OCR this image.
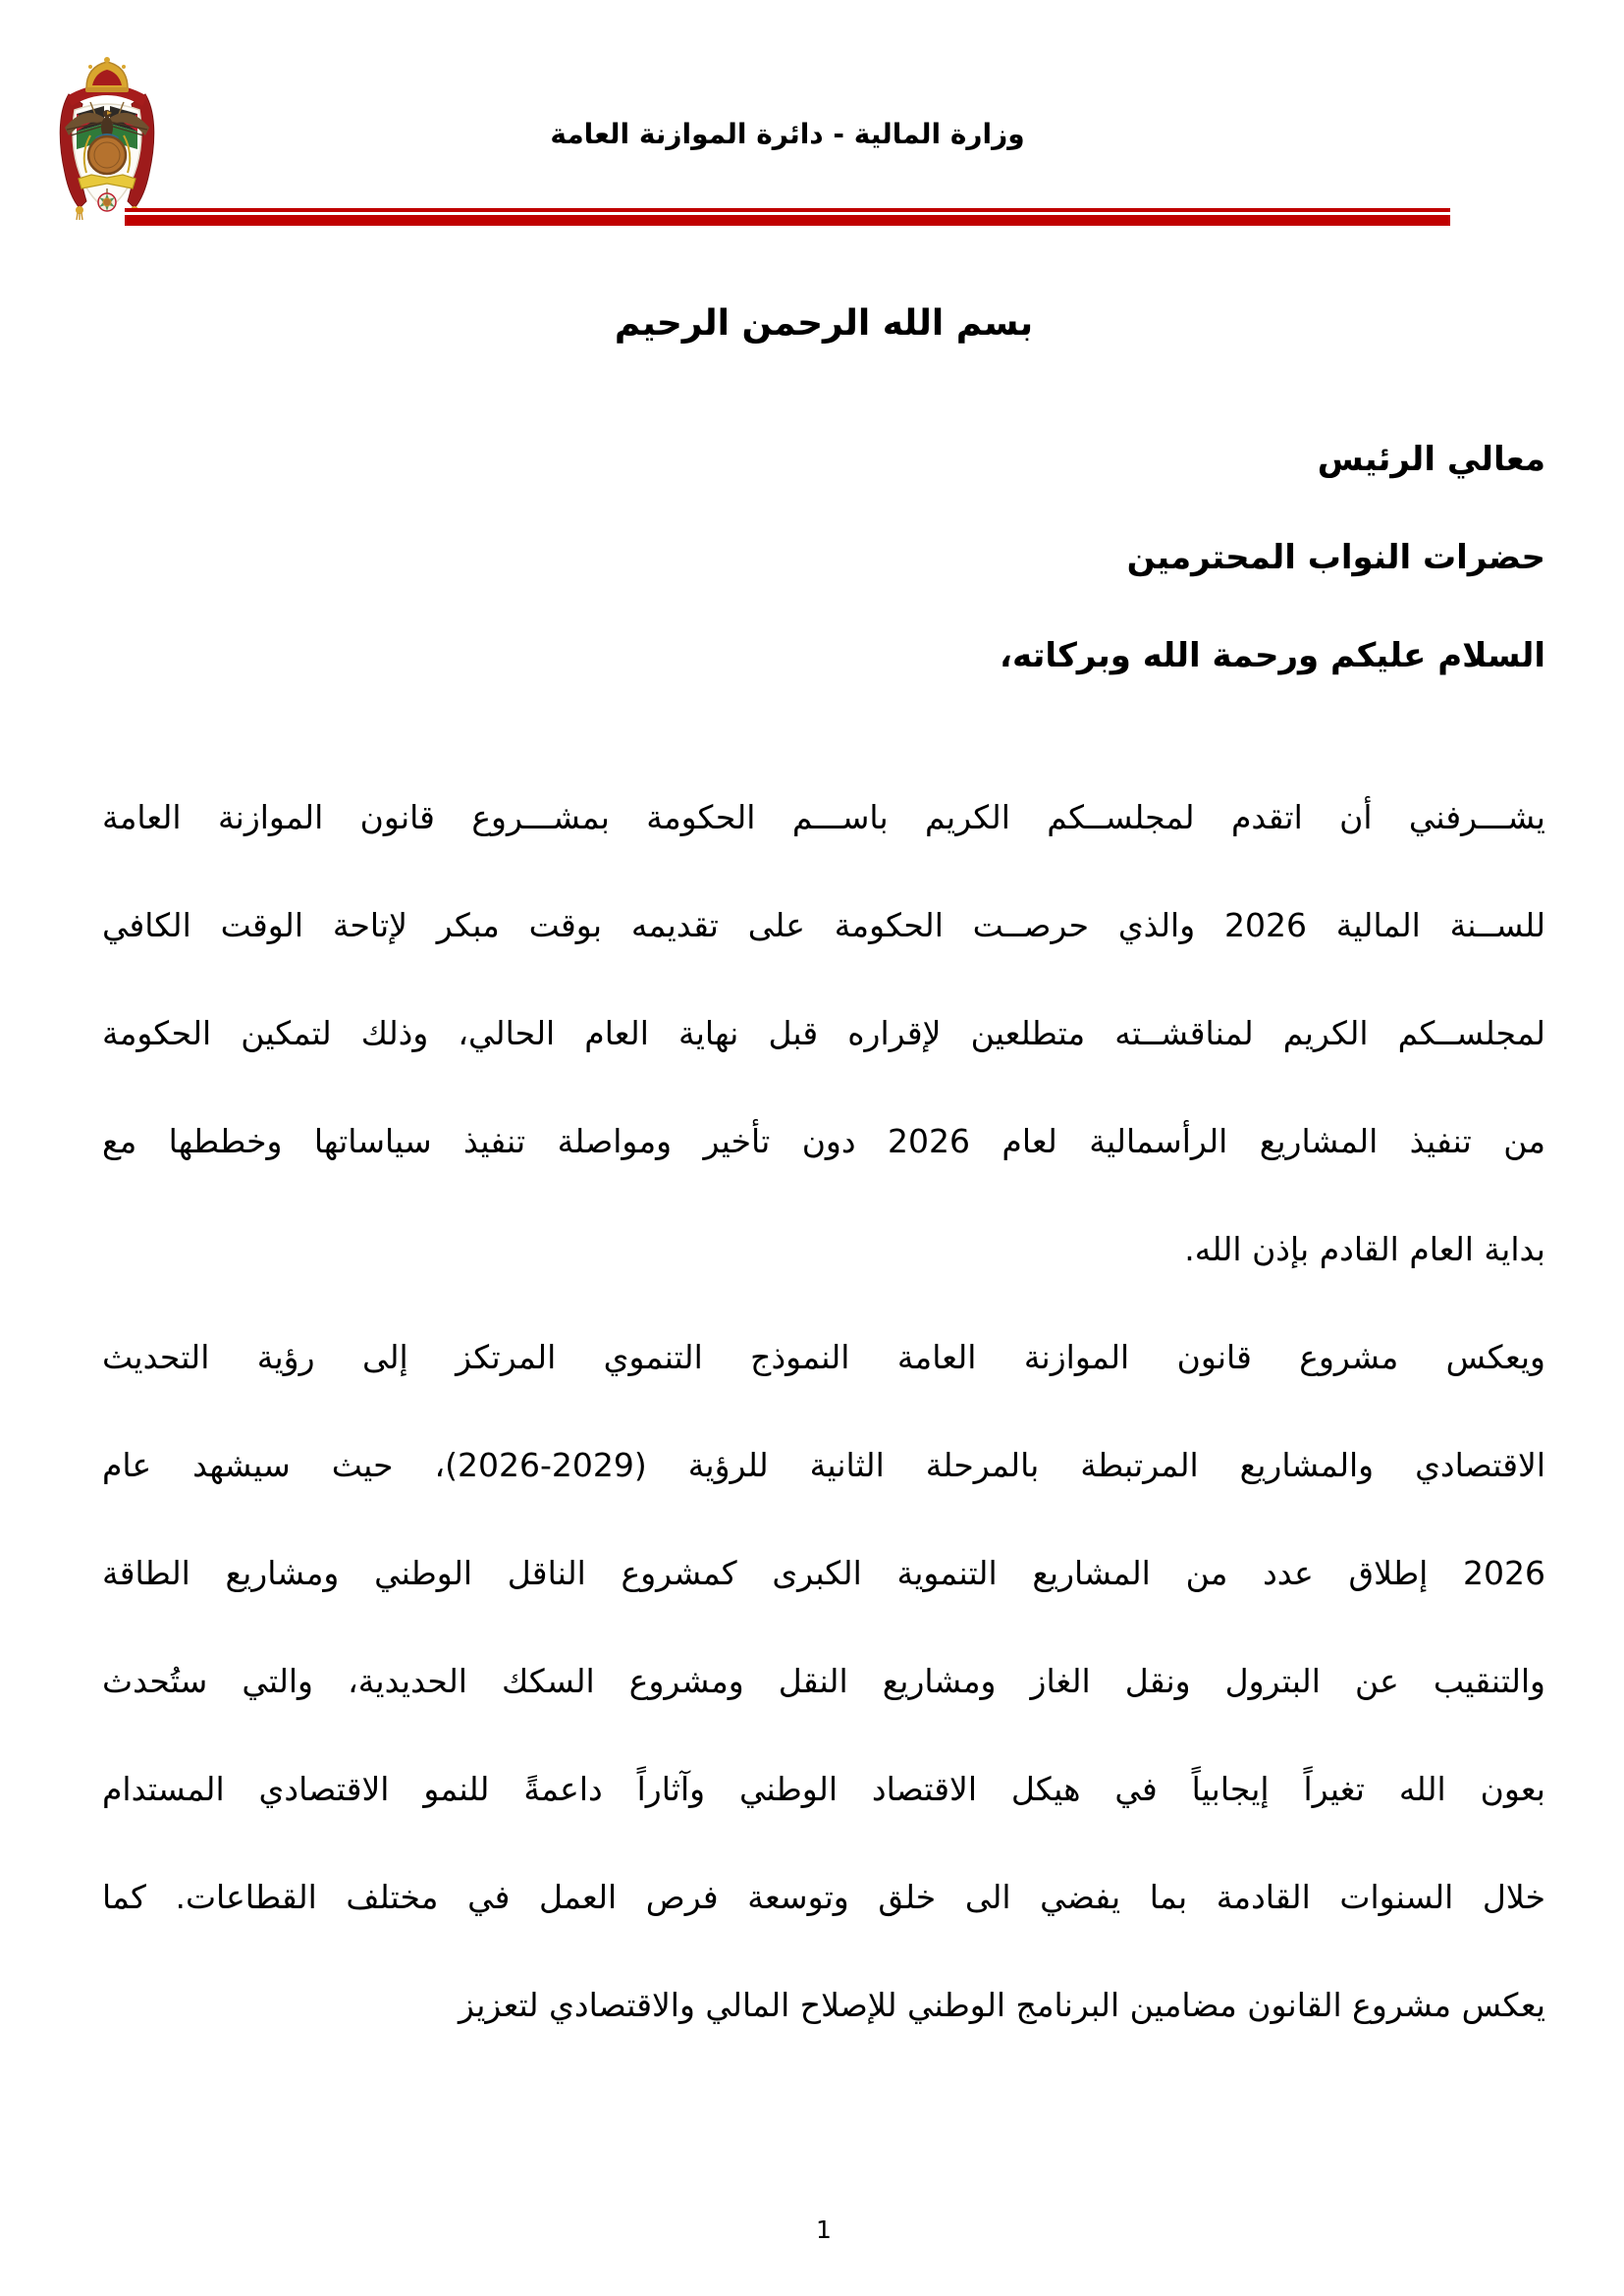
وزارة المالية - دائرة الموازنة العامة
بسم الله الرحمن الرحيم
معالي الرئيس
حضرات النواب المحترمين
السلام عليكم ورحمة الله وبركاته،
يشـــرفني أن اتقدم لمجلســكم الكريم باســـم الحكومة بمشـــروع قانون الموازنة العامة
للســنة المالية 2026 والذي حرصــت الحكومة على تقديمه بوقت مبكر لإتاحة الوقت الكافي
لمجلســكم الكريم لمناقشــته متطلعين لإقراره قبل نهاية العام الحالي، وذلك لتمكين الحكومة
من تنفيذ المشاريع الرأسمالية لعام 2026 دون تأخير ومواصلة تنفيذ سياساتها وخططها مع
بداية العام القادم بإذن الله.
ويعكس مشروع قانون الموازنة العامة النموذج التنموي المرتكز إلى رؤية التحديث
الاقتصادي والمشاريع المرتبطة بالمرحلة الثانية للرؤية (2029-2026)، حيث سيشهد عام
2026 إطلاق عدد من المشاريع التنموية الكبرى كمشروع الناقل الوطني ومشاريع الطاقة
والتنقيب عن البترول ونقل الغاز ومشاريع النقل ومشروع السكك الحديدية، والتي ستُحدث
بعون الله تغيراً إيجابياً في هيكل الاقتصاد الوطني وآثاراً داعمةً للنمو الاقتصادي المستدام
خلال السنوات القادمة بما يفضي الى خلق وتوسعة فرص العمل في مختلف القطاعات. كما
يعكس مشروع القانون مضامين البرنامج الوطني للإصلاح المالي والاقتصادي لتعزيز
1
